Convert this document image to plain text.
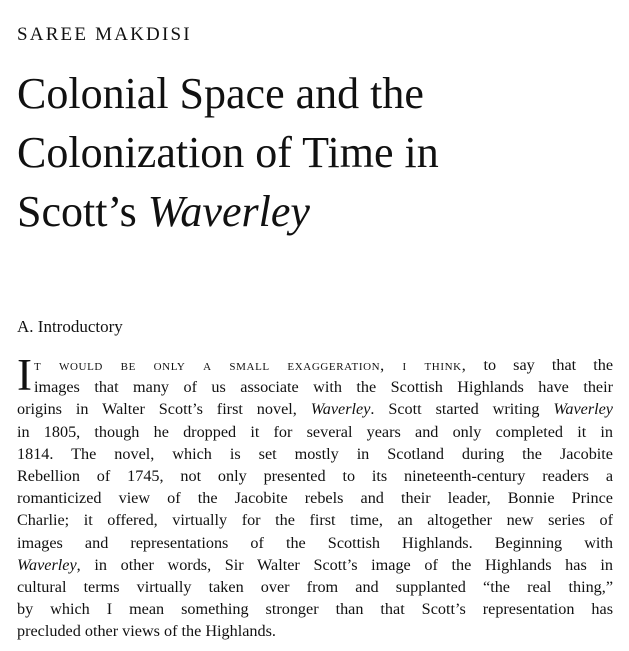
SAREE MAKDISI
Colonial Space and the
Colonization of Time in
Scott’s Waverley
A. Introductory
I t would be only a small exaggeration, i think, to say that the
images that many of us associate with the Scottish Highlands have their
origins in Walter Scott’s first novel, Waverley. Scott started writing Waverley
in 1805, though he dropped it for several years and only completed it in
1814. The novel, which is set mostly in Scotland during the Jacobite
Rebellion of 1745, not only presented to its nineteenth-century readers a
romanticized view of the Jacobite rebels and their leader, Bonnie Prince
Charlie; it offered, virtually for the first time, an altogether new series of
images and representations of the Scottish Highlands. Beginning with
Waverley, in other words, Sir Walter Scott’s image of the Highlands has in
cultural terms virtually taken over from and supplanted “the real thing,”
by which I mean something stronger than that Scott’s representation has
precluded other views of the Highlands.
